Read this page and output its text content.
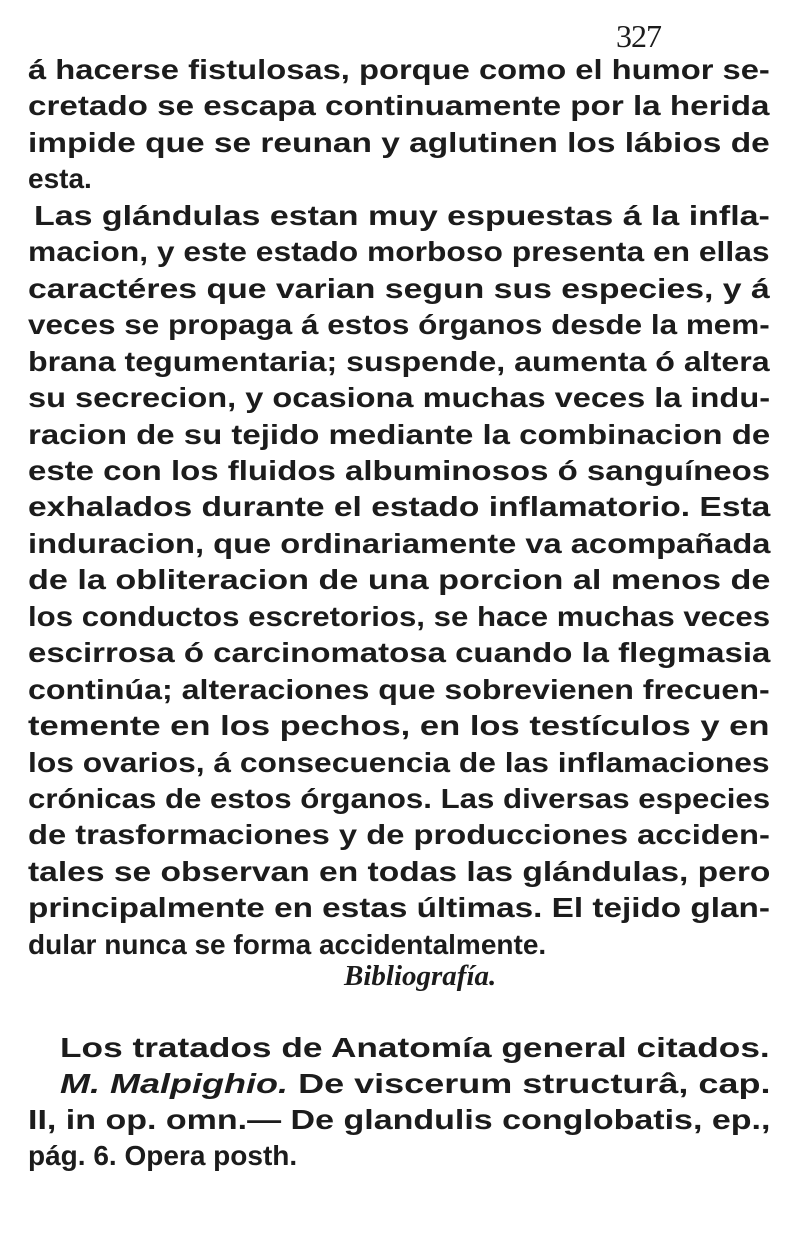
327
á hacerse fistulosas, porque como el humor se-
cretado se escapa continuamente por la herida
impide que se reunan y aglutinen los lábios de
esta.
Las glándulas estan muy espuestas á la infla-
macion, y este estado morboso presenta en ellas
caractéres que varian segun sus especies, y á
veces se propaga á estos órganos desde la mem-
brana tegumentaria; suspende, aumenta ó altera
su secrecion, y ocasiona muchas veces la indu-
racion de su tejido mediante la combinacion de
este con los fluidos albuminosos ó sanguíneos
exhalados durante el estado inflamatorio. Esta
induracion, que ordinariamente va acompañada
de la obliteracion de una porcion al menos de
los conductos escretorios, se hace muchas veces
escirrosa ó carcinomatosa cuando la flegmasia
continúa; alteraciones que sobrevienen frecuen-
temente en los pechos, en los testículos y en
los ovarios, á consecuencia de las inflamaciones
crónicas de estos órganos. Las diversas especies
de trasformaciones y de producciones acciden-
tales se observan en todas las glándulas, pero
principalmente en estas últimas. El tejido glan-
dular nunca se forma accidentalmente.
Bibliografía.
Los tratados de Anatomía general citados.
M. Malpighio. De viscerum structurâ, cap.
II, in op. omn.— De glandulis conglobatis, ep.,
pág. 6. Opera posth.
